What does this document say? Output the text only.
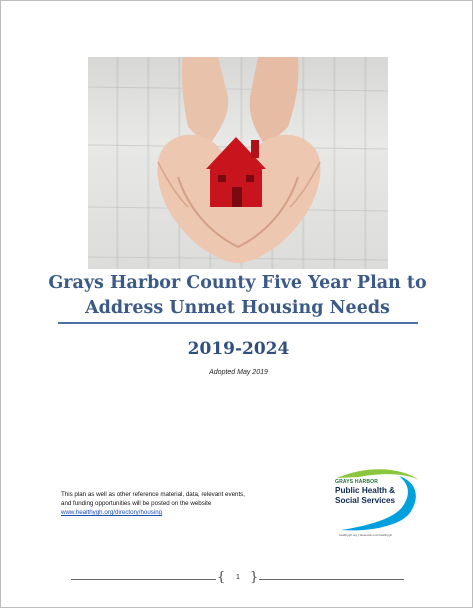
Grays Harbor County Five Year Plan to
Address Unmet Housing Needs
2019-2024
Adopted May 2019
This plan as well as other reference material, data, relevant events,
and funding opportunities will be posted on the website
www.healthygh.org/directory/housing
GRAYS HARBOR
Public Health &
Social Services
healthygh.org | facebook.com/healthygh
{	1 }
